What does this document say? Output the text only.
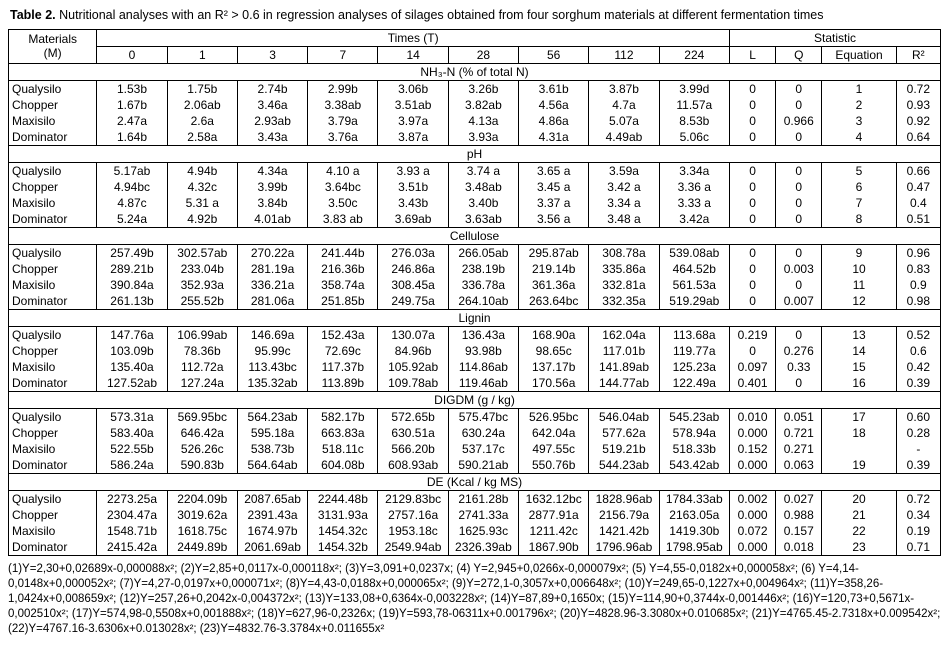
Table 2. Nutritional analyses with an R² > 0.6 in regression analyses of silages obtained from four sorghum materials at different fermentation times
Materials
(M)	Times (T)									Statistic			
	0	1	3	7	14	28	56	112	224	L	Q	Equation	R²
NH₃-N (% of total N)													
Qualysilo	1.53b	1.75b	2.74b	2.99b	3.06b	3.26b	3.61b	3.87b	3.99d	0	0	1	0.72
Chopper	1.67b	2.06ab	3.46a	3.38ab	3.51ab	3.82ab	4.56a	4.7a	11.57a	0	0	2	0.93
Maxisilo	2.47a	2.6a	2.93ab	3.79a	3.97a	4.13a	4.86a	5.07a	8.53b	0	0.966	3	0.92
Dominator	1.64b	2.58a	3.43a	3.76a	3.87a	3.93a	4.31a	4.49ab	5.06c	0	0	4	0.64
pH													
Qualysilo	5.17ab	4.94b	4.34a	4.10 a	3.93 a	3.74 a	3.65 a	3.59a	3.34a	0	0	5	0.66
Chopper	4.94bc	4.32c	3.99b	3.64bc	3.51b	3.48ab	3.45 a	3.42 a	3.36 a	0	0	6	0.47
Maxisilo	4.87c	5.31 a	3.84b	3.50c	3.43b	3.40b	3.37 a	3.34 a	3.33 a	0	0	7	0.4
Dominator	5.24a	4.92b	4.01ab	3.83 ab	3.69ab	3.63ab	3.56 a	3.48 a	3.42a	0	0	8	0.51
Cellulose													
Qualysilo	257.49b	302.57ab	270.22a	241.44b	276.03a	266.05ab	295.87ab	308.78a	539.08ab	0	0	9	0.96
Chopper	289.21b	233.04b	281.19a	216.36b	246.86a	238.19b	219.14b	335.86a	464.52b	0	0.003	10	0.83
Maxisilo	390.84a	352.93a	336.21a	358.74a	308.45a	336.78a	361.36a	332.81a	561.53a	0	0	11	0.9
Dominator	261.13b	255.52b	281.06a	251.85b	249.75a	264.10ab	263.64bc	332.35a	519.29ab	0	0.007	12	0.98
Lignin													
Qualysilo	147.76a	106.99ab	146.69a	152.43a	130.07a	136.43a	168.90a	162.04a	113.68a	0.219	0	13	0.52
Chopper	103.09b	78.36b	95.99c	72.69c	84.96b	93.98b	98.65c	117.01b	119.77a	0	0.276	14	0.6
Maxisilo	135.40a	112.72a	113.43bc	117.37b	105.92ab	114.86ab	137.17b	141.89ab	125.23a	0.097	0.33	15	0.42
Dominator	127.52ab	127.24a	135.32ab	113.89b	109.78ab	119.46ab	170.56a	144.77ab	122.49a	0.401	0	16	0.39
DIGDM (g / kg)													
Qualysilo	573.31a	569.95bc	564.23ab	582.17b	572.65b	575.47bc	526.95bc	546.04ab	545.23ab	0.010	0.051	17	0.60
Chopper	583.40a	646.42a	595.18a	663.83a	630.51a	630.24a	642.04a	577.62a	578.94a	0.000	0.721	18	0.28
Maxisilo	522.55b	526.26c	538.73b	518.11c	566.20b	537.17c	497.55c	519.21b	518.33b	0.152	0.271		-
Dominator	586.24a	590.83b	564.64ab	604.08b	608.93ab	590.21ab	550.76b	544.23ab	543.42ab	0.000	0.063	19	0.39
DE (Kcal / kg MS)													
Qualysilo	2273.25a	2204.09b	2087.65ab	2244.48b	2129.83bc	2161.28b	1632.12bc	1828.96ab	1784.33ab	0.002	0.027	20	0.72
Chopper	2304.47a	3019.62a	2391.43a	3131.93a	2757.16a	2741.33a	2877.91a	2156.79a	2163.05a	0.000	0.988	21	0.34
Maxisilo	1548.71b	1618.75c	1674.97b	1454.32c	1953.18c	1625.93c	1211.42c	1421.42b	1419.30b	0.072	0.157	22	0.19
Dominator	2415.42a	2449.89b	2061.69ab	1454.32b	2549.94ab	2326.39ab	1867.90b	1796.96ab	1798.95ab	0.000	0.018	23	0.71
(1)Y=2,30+0,02689x-0,000088x²; (2)Y=2,85+0,0117x-0,000118x²; (3)Y=3,091+0,0237x; (4) Y=2,945+0,0266x-0,000079x²; (5) Y=4,55-0,0182x+0,000058x²; (6) Y=4,14-0,0148x+0,000052x²; (7)Y=4,27-0,0197x+0,000071x²; (8)Y=4,43-0,0188x+0,000065x²; (9)Y=272,1-0,3057x+0,006648x²; (10)Y=249,65-0,1227x+0,004964x²; (11)Y=358,26-1,0424x+0,008659x²; (12)Y=257,26+0,2042x-0,004372x²; (13)Y=133,08+0,6364x-0,003228x²; (14)Y=87,89+0,1650x; (15)Y=114,90+0,3744x-0,001446x²; (16)Y=120,73+0,5671x-0,002510x²; (17)Y=574,98-0,5508x+0,001888x²; (18)Y=627,96-0,2326x; (19)Y=593,78-06311x+0.001796x²; (20)Y=4828.96-3.3080x+0.010685x²; (21)Y=4765.45-2.7318x+0.009542x²; (22)Y=4767.16-3.6306x+0.013028x²; (23)Y=4832.76-3.3784x+0.011655x²
